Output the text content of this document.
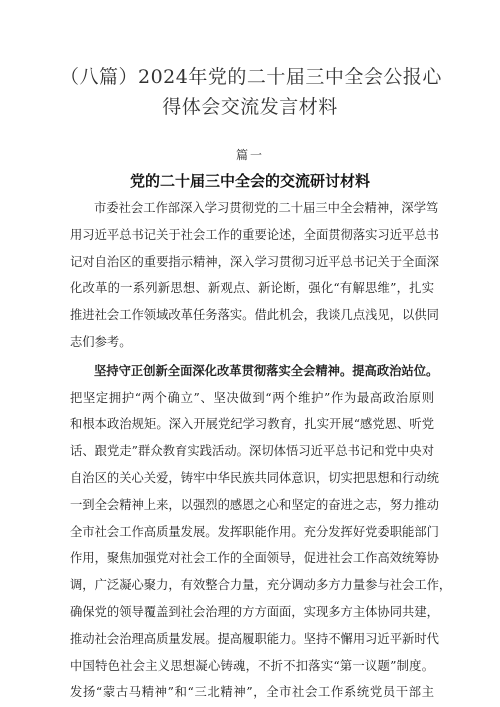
（八篇）2024年党的二十届三中全会公报心
得体会交流发言材料
篇一
党的二十届三中全会的交流研讨材料
市委社会工作部深入学习贯彻党的二十届三中全会精神，深学笃
用习近平总书记关于社会工作的重要论述，全面贯彻落实习近平总书
记对自治区的重要指示精神，深入学习贯彻习近平总书记关于全面深
化改革的一系列新思想、新观点、新论断，强化“有解思维”，扎实
推进社会工作领域改革任务落实。借此机会，我谈几点浅见，以供同
志们参考。
坚持守正创新全面深化改革贯彻落实全会精神。提高政治站位。
把坚定拥护“两个确立”、坚决做到“两个维护”作为最高政治原则
和根本政治规矩。深入开展党纪学习教育，扎实开展“感党恩、听党
话、跟党走”群众教育实践活动。深切体悟习近平总书记和党中央对
自治区的关心关爱，铸牢中华民族共同体意识，切实把思想和行动统
一到全会精神上来，以强烈的感恩之心和坚定的奋进之志，努力推动
全市社会工作高质量发展。发挥职能作用。充分发挥好党委职能部门
作用，聚焦加强党对社会工作的全面领导，促进社会工作高效统筹协
调，广泛凝心聚力，有效整合力量，充分调动多方力量参与社会工作，
确保党的领导覆盖到社会治理的方方面面，实现多方主体协同共建，
推动社会治理高质量发展。提高履职能力。坚持不懈用习近平新时代
中国特色社会主义思想凝心铸魂，不折不扣落实“第一议题”制度。
发扬“蒙古马精神”和“三北精神”，全市社会工作系统党员干部主
